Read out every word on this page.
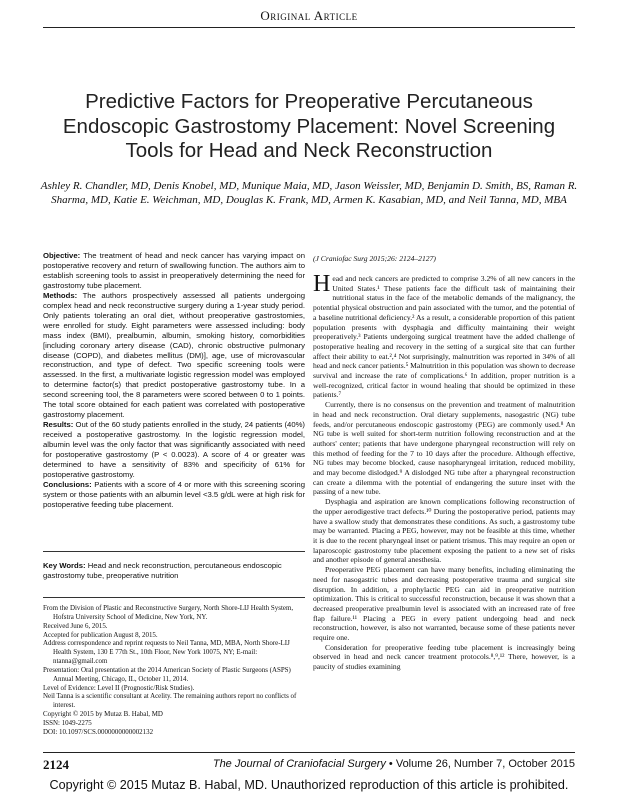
Original Article
Predictive Factors for Preoperative Percutaneous Endoscopic Gastrostomy Placement: Novel Screening Tools for Head and Neck Reconstruction
Ashley R. Chandler, MD, Denis Knobel, MD, Munique Maia, MD, Jason Weissler, MD, Benjamin D. Smith, BS, Raman R. Sharma, MD, Katie E. Weichman, MD, Douglas K. Frank, MD, Armen K. Kasabian, MD, and Neil Tanna, MD, MBA

Objective: The treatment of head and neck cancer has varying impact on postoperative recovery and return of swallowing function. The authors aim to establish screening tools to assist in preoperatively determining the need for gastrostomy tube placement.

Methods: The authors prospectively assessed all patients undergoing complex head and neck reconstructive surgery during a 1-year study period. Only patients tolerating an oral diet, without preoperative gastrostomies, were enrolled for study. Eight parameters were assessed including: body mass index (BMI), prealbumin, albumin, smoking history, comorbidities [including coronary artery disease (CAD), chronic obstructive pulmonary disease (COPD), and diabetes mellitus (DM)], age, use of microvascular reconstruction, and type of defect. Two specific screening tools were assessed. In the first, a multivariate logistic regression model was employed to determine factor(s) that predict postoperative gastrostomy tube. In a second screening tool, the 8 parameters were scored between 0 to 1 points. The total score obtained for each patient was correlated with postoperative gastrostomy placement.

Results: Out of the 60 study patients enrolled in the study, 24 patients (40%) received a postoperative gastrostomy. In the logistic regression model, albumin level was the only factor that was significantly associated with need for postoperative gastrostomy (P < 0.0023). A score of 4 or greater was determined to have a sensitivity of 83% and specificity of 61% for postoperative gastrostomy.

Conclusions: Patients with a score of 4 or more with this screening scoring system or those patients with an albumin level <3.5 g/dL were at high risk for postoperative feeding tube placement.

Key Words: Head and neck reconstruction, percutaneous endoscopic gastrostomy tube, preoperative nutrition
From the Division of Plastic and Reconstructive Surgery, North Shore-LIJ Health System, Hofstra University School of Medicine, New York, NY.
Received June 6, 2015.
Accepted for publication August 8, 2015.
Address correspondence and reprint requests to Neil Tanna, MD, MBA, North Shore-LIJ Health System, 130 E 77th St., 10th Floor, New York 10075, NY; E-mail: ntanna@gmail.com
Presentation: Oral presentation at the 2014 American Society of Plastic Surgeons (ASPS) Annual Meeting, Chicago, IL, October 11, 2014.
Level of Evidence: Level II (Prognostic/Risk Studies).
Neil Tanna is a scientific consultant at Acelity. The remaining authors report no conflicts of interest.
Copyright © 2015 by Mutaz B. Habal, MD
ISSN: 1049-2275
DOI: 10.1097/SCS.0000000000002132
(J Craniofac Surg 2015;26: 2124–2127)

Head and neck cancers are predicted to comprise 3.2% of all new cancers in the United States.¹ These patients face the difficult task of maintaining their nutritional status in the face of the metabolic demands of the malignancy, the potential physical obstruction and pain associated with the tumor, and the potential of a baseline nutritional deficiency.² As a result, a considerable proportion of this patient population presents with dysphagia and difficulty maintaining their weight preoperatively.³ Patients undergoing surgical treatment have the added challenge of postoperative healing and recovery in the setting of a surgical site that can further affect their ability to eat.²,⁴ Not surprisingly, malnutrition was reported in 34% of all head and neck cancer patients.⁵ Malnutrition in this population was shown to decrease survival and increase the rate of complications.⁶ In addition, proper nutrition is a well-recognized, critical factor in wound healing that should be optimized in these patients.⁷

Currently, there is no consensus on the prevention and treatment of malnutrition in head and neck reconstruction. Oral dietary supplements, nasogastric (NG) tube feeds, and/or percutaneous endoscopic gastrostomy (PEG) are commonly used.⁸ An NG tube is well suited for short-term nutrition following reconstruction and at the authors' center; patients that have undergone pharyngeal reconstruction will rely on this method of feeding for the 7 to 10 days after the procedure. Although effective, NG tubes may become blocked, cause nasopharyngeal irritation, reduced mobility, and may become dislodged.⁹ A dislodged NG tube after a pharyngeal reconstruction can create a dilemma with the potential of endangering the suture inset with the passing of a new tube.

Dysphagia and aspiration are known complications following reconstruction of the upper aerodigestive tract defects.¹⁰ During the postoperative period, patients may have a swallow study that demonstrates these conditions. As such, a gastrostomy tube may be warranted. Placing a PEG, however, may not be feasible at this time, whether it is due to the recent pharyngeal inset or patient trismus. This may require an open or laparoscopic gastrostomy tube placement exposing the patient to a new set of risks and another episode of general anesthesia.

Preoperative PEG placement can have many benefits, including eliminating the need for nasogastric tubes and decreasing postoperative trauma and surgical site disruption. In addition, a prophylactic PEG can aid in preoperative nutrition optimization. This is critical to successful reconstruction, because it was shown that a decreased preoperative prealbumin level is associated with an increased rate of free flap failure.¹¹ Placing a PEG in every patient undergoing head and neck reconstruction, however, is also not warranted, because some of these patients never require one.

Consideration for preoperative feeding tube placement is increasingly being observed in head and neck cancer treatment protocols.⁸,⁹,¹² There, however, is a paucity of studies examining

2124	The Journal of Craniofacial Surgery • Volume 26, Number 7, October 2015
Copyright © 2015 Mutaz B. Habal, MD. Unauthorized reproduction of this article is prohibited.
